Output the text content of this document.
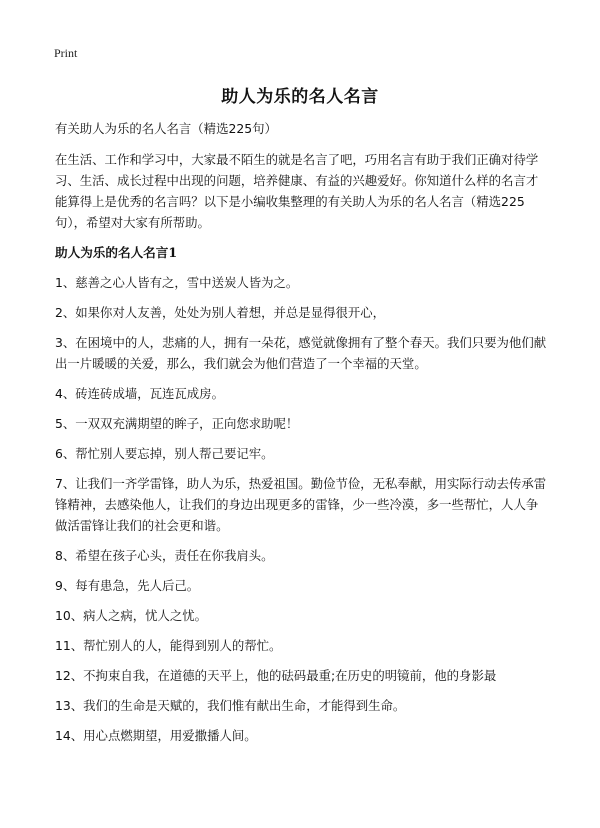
Print
助人为乐的名人名言

有关助人为乐的名人名言（精选225句）

在生活、工作和学习中，大家最不陌生的就是名言了吧，巧用名言有助于我们正确对待学习、生活、成长过程中出现的问题，培养健康、有益的兴趣爱好。你知道什么样的名言才能算得上是优秀的名言吗？以下是小编收集整理的有关助人为乐的名人名言（精选225句），希望对大家有所帮助。

助人为乐的名人名言1

1、慈善之心人皆有之，雪中送炭人皆为之。

2、如果你对人友善，处处为别人着想，并总是显得很开心，

3、在困境中的人，悲痛的人，拥有一朵花，感觉就像拥有了整个春天。我们只要为他们献出一片暖暖的关爱，那么，我们就会为他们营造了一个幸福的天堂。

4、砖连砖成墙，瓦连瓦成房。

5、一双双充满期望的眸子，正向您求助呢！

6、帮忙别人要忘掉，别人帮己要记牢。

7、让我们一齐学雷锋，助人为乐，热爱祖国。勤俭节俭，无私奉献，用实际行动去传承雷锋精神，去感染他人，让我们的身边出现更多的雷锋，少一些冷漠，多一些帮忙，人人争做活雷锋让我们的社会更和谐。

8、希望在孩子心头，责任在你我肩头。

9、每有患急，先人后己。

10、病人之病，忧人之忧。

11、帮忙别人的人，能得到别人的帮忙。

12、不拘束自我，在道德的天平上，他的砝码最重;在历史的明镜前，他的身影最

13、我们的生命是天赋的，我们惟有献出生命，才能得到生命。

14、用心点燃期望，用爱撒播人间。
